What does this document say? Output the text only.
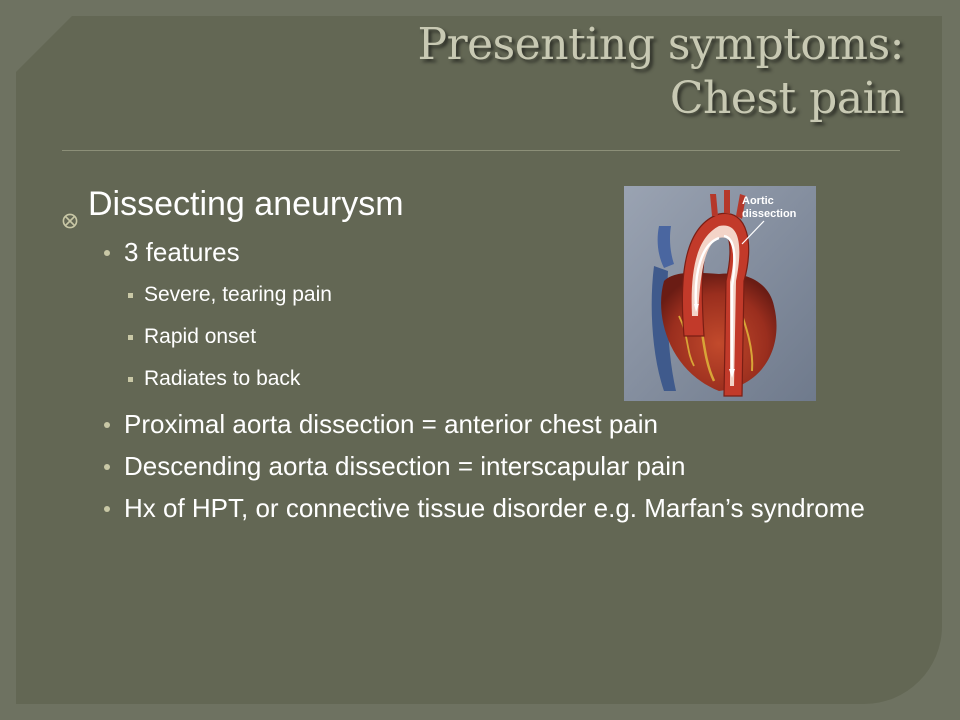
Presenting symptoms:
Chest pain
Dissecting aneurysm
3 features
Severe, tearing pain
Rapid onset
Radiates to back
Proximal aorta dissection = anterior chest pain
Descending aorta dissection = interscapular pain
Hx of HPT, or connective tissue disorder e.g. Marfan’s syndrome
Aortic
dissection
